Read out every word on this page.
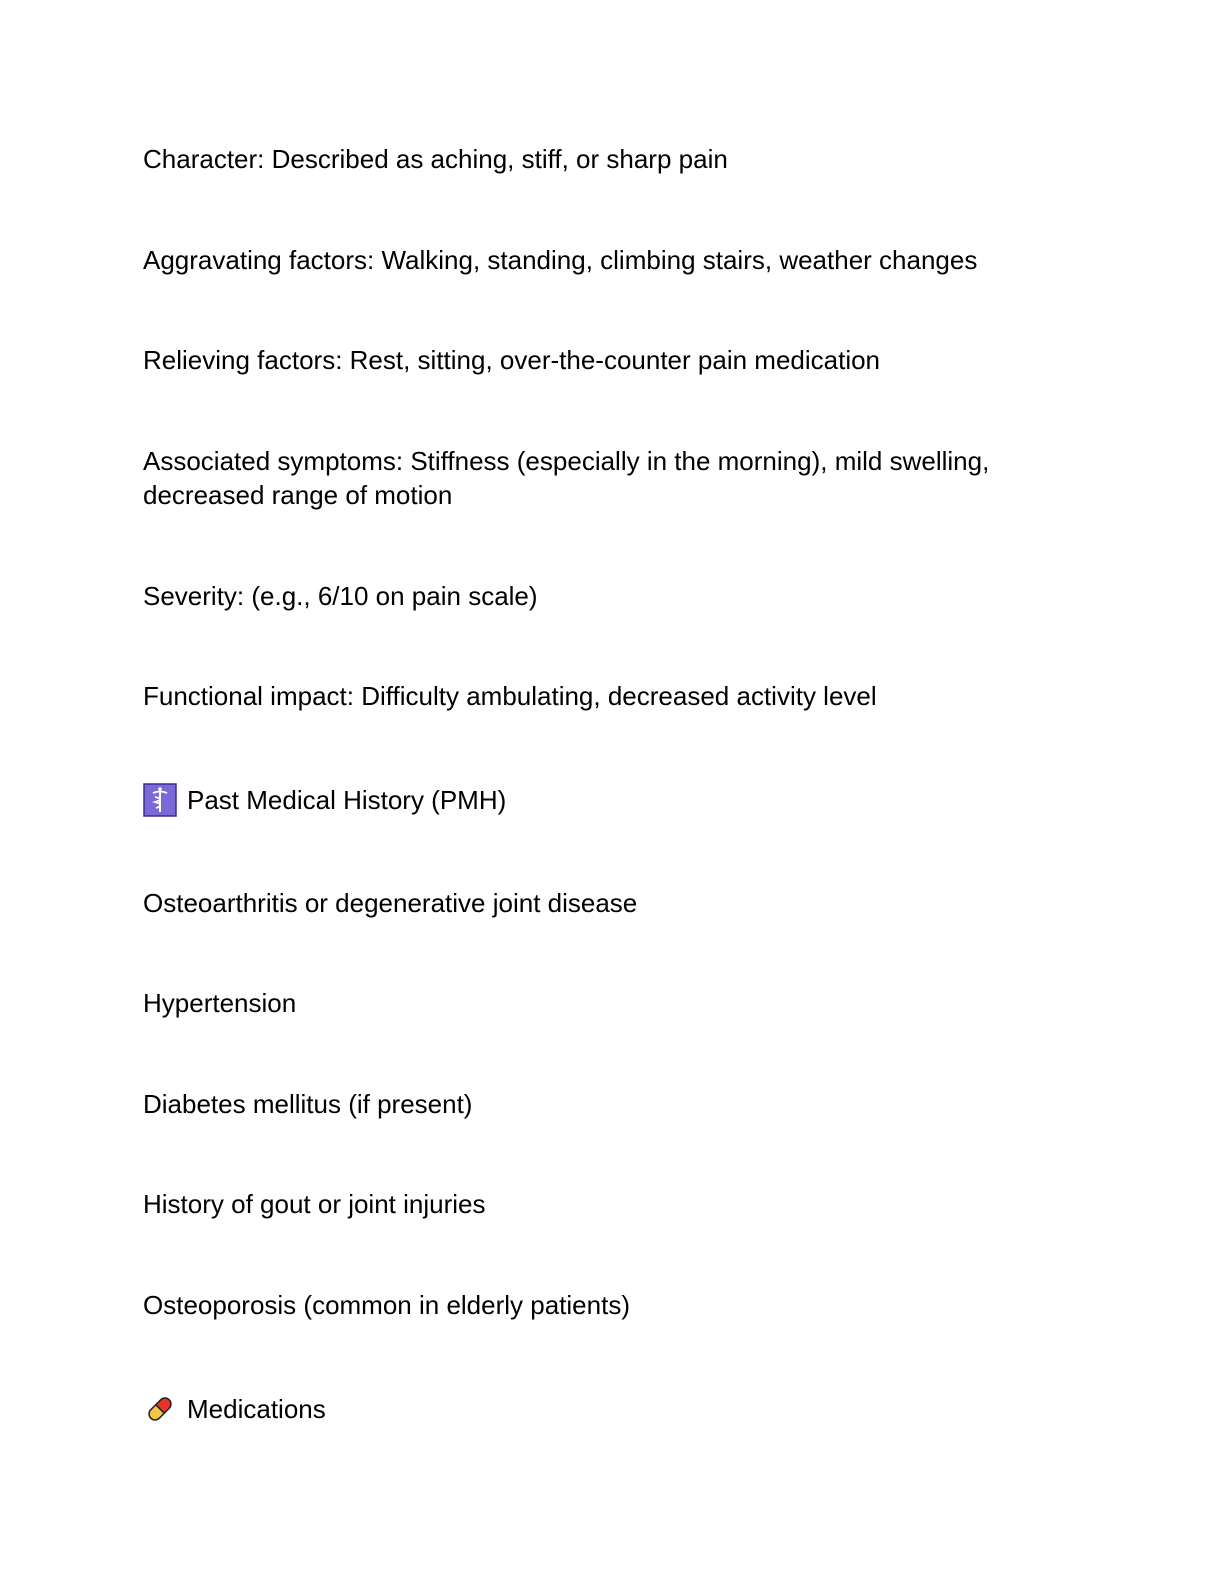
Character: Described as aching, stiff, or sharp pain

Aggravating factors: Walking, standing, climbing stairs, weather changes

Relieving factors: Rest, sitting, over-the-counter pain medication

Associated symptoms: Stiffness (especially in the morning), mild swelling, decreased range of motion

Severity: (e.g., 6/10 on pain scale)

Functional impact: Difficulty ambulating, decreased activity level

Past Medical History (PMH)

Osteoarthritis or degenerative joint disease

Hypertension

Diabetes mellitus (if present)

History of gout or joint injuries

Osteoporosis (common in elderly patients)

Medications
